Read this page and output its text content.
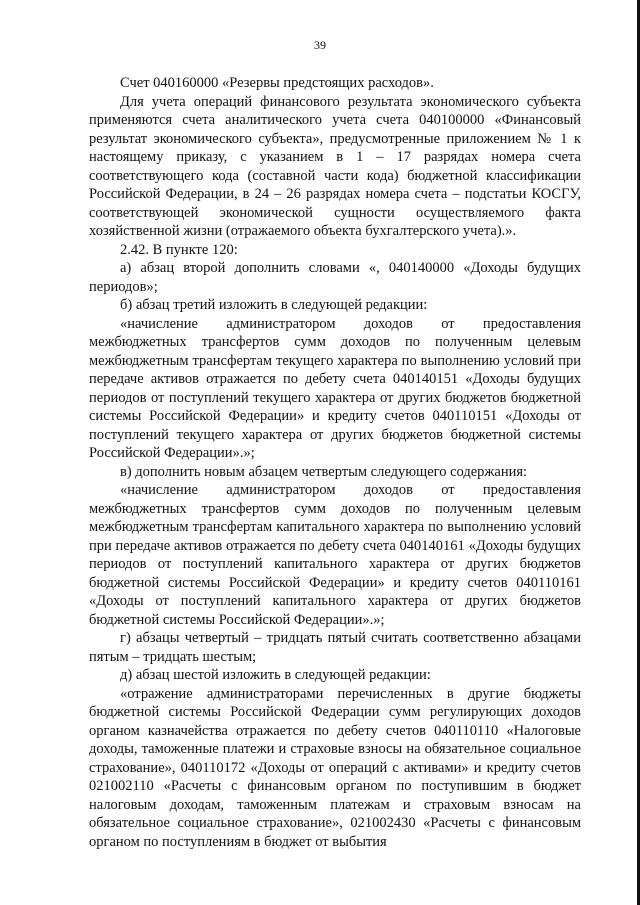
39

Счет 040160000 «Резервы предстоящих расходов».

Для учета операций финансового результата экономического субъекта применяются счета аналитического учета счета 040100000 «Финансовый результат экономического субъекта», предусмотренные приложением № 1 к настоящему приказу, с указанием в 1 – 17 разрядах номера счета соответствующего кода (составной части кода) бюджетной классификации Российской Федерации, в 24 – 26 разрядах номера счета – подстатьи КОСГУ, соответствующей экономической сущности осуществляемого факта хозяйственной жизни (отражаемого объекта бухгалтерского учета).».

2.42. В пункте 120:

а) абзац второй дополнить словами «, 040140000 «Доходы будущих периодов»;

б) абзац третий изложить в следующей редакции:

«начисление администратором доходов от предоставления межбюджетных трансфертов сумм доходов по полученным целевым межбюджетным трансфертам текущего характера по выполнению условий при передаче активов отражается по дебету счета 040140151 «Доходы будущих периодов от поступлений текущего характера от других бюджетов бюджетной системы Российской Федерации» и кредиту счетов 040110151 «Доходы от поступлений текущего характера от других бюджетов бюджетной системы Российской Федерации».»;

в) дополнить новым абзацем четвертым следующего содержания:

«начисление администратором доходов от предоставления межбюджетных трансфертов сумм доходов по полученным целевым межбюджетным трансфертам капитального характера по выполнению условий при передаче активов отражается по дебету счета 040140161 «Доходы будущих периодов от поступлений капитального характера от других бюджетов бюджетной системы Российской Федерации» и кредиту счетов 040110161 «Доходы от поступлений капитального характера от других бюджетов бюджетной системы Российской Федерации».»;

г) абзацы четвертый – тридцать пятый считать соответственно абзацами пятым – тридцать шестым;

д) абзац шестой изложить в следующей редакции:

«отражение администраторами перечисленных в другие бюджеты бюджетной системы Российской Федерации сумм регулирующих доходов органом казначейства отражается по дебету счетов 040110110 «Налоговые доходы, таможенные платежи и страховые взносы на обязательное социальное страхование», 040110172 «Доходы от операций с активами» и кредиту счетов 021002110 «Расчеты с финансовым органом по поступившим в бюджет налоговым доходам, таможенным платежам и страховым взносам на обязательное социальное страхование», 021002430 «Расчеты с финансовым органом по поступлениям в бюджет от выбытия
